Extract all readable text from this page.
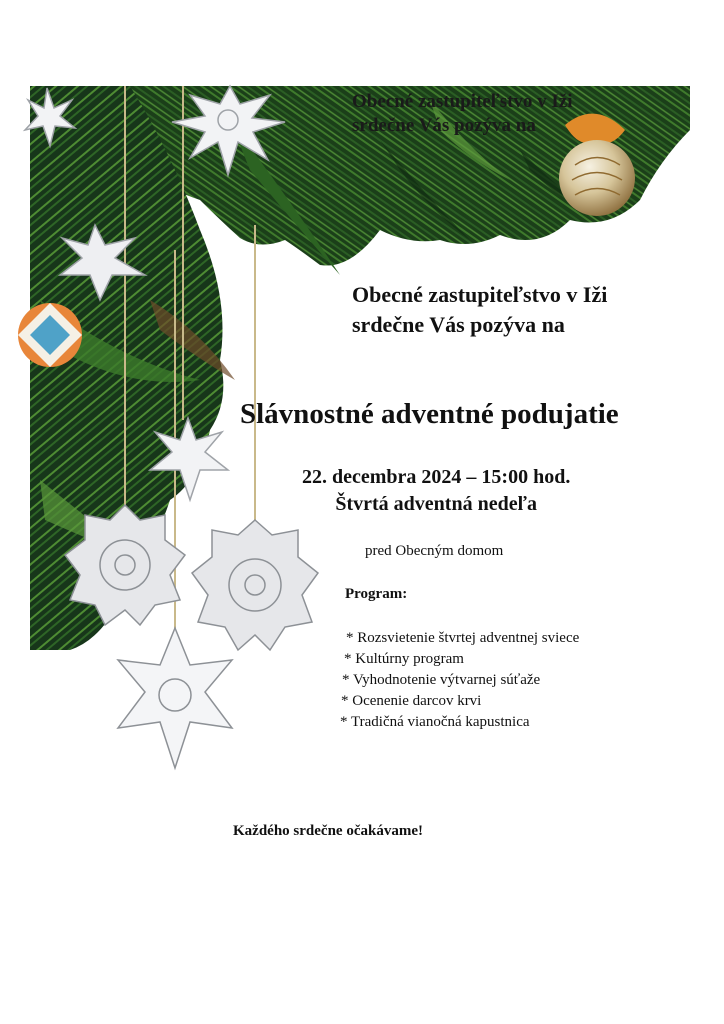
Obecné zastupiteľstvo v Iži
srdečne Vás pozýva na

Obecné zastupiteľstvo v Iži
srdečne Vás pozýva na

Slávnostné adventné podujatie

22. decembra 2024 – 15:00 hod.
Štvrtá adventná nedeľa

pred Obecným domom

Program:

* Rozsvietenie štvrtej adventnej sviece
* Kultúrny program
* Vyhodnotenie výtvarnej súťaže
* Ocenenie darcov krvi
* Tradičná vianočná kapustnica

Každého srdečne očakávame!
